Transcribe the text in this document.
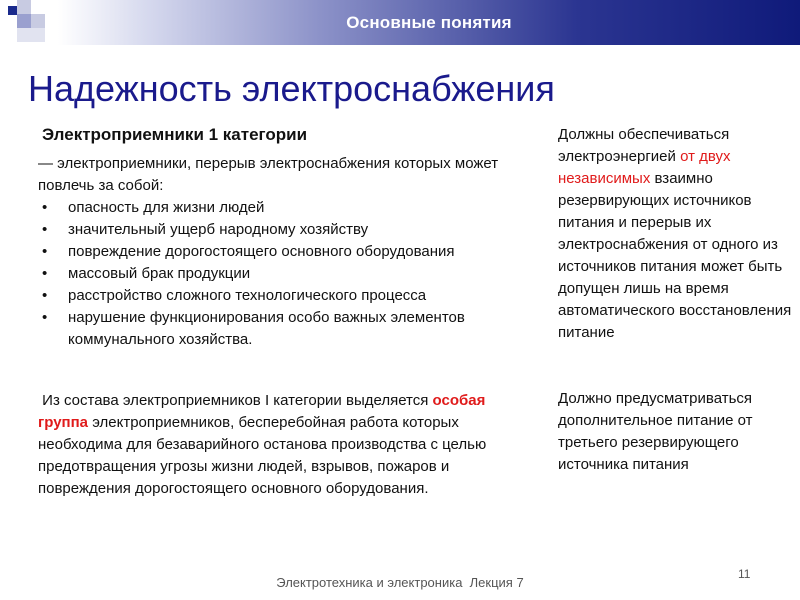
Основные понятия
Надежность электроснабжения
Электроприемники 1 категории
— электроприемники, перерыв электроснабжения которых может повлечь за собой:
• опасность для жизни людей
• значительный ущерб народному хозяйству
• повреждение дорогостоящего основного оборудования
• массовый брак продукции
• расстройство сложного технологического процесса
• нарушение функционирования особо важных элементов коммунального хозяйства.
Из состава электроприемников I категории выделяется особая группа электроприемников, бесперебойная работа которых необходима для безаварийного останова производства с целью предотвращения угрозы жизни людей, взрывов, пожаров и повреждения дорогостоящего основного оборудования.
Должны обеспечиваться электроэнергией от двух независимых взаимно резервирующих источников питания и перерыв их электроснабжения от одного из источников питания может быть допущен лишь на время автоматического восстановления питание
Должно предусматриваться дополнительное питание от третьего резервирующего источника питания
Электротехника и электроника  Лекция 7
11
